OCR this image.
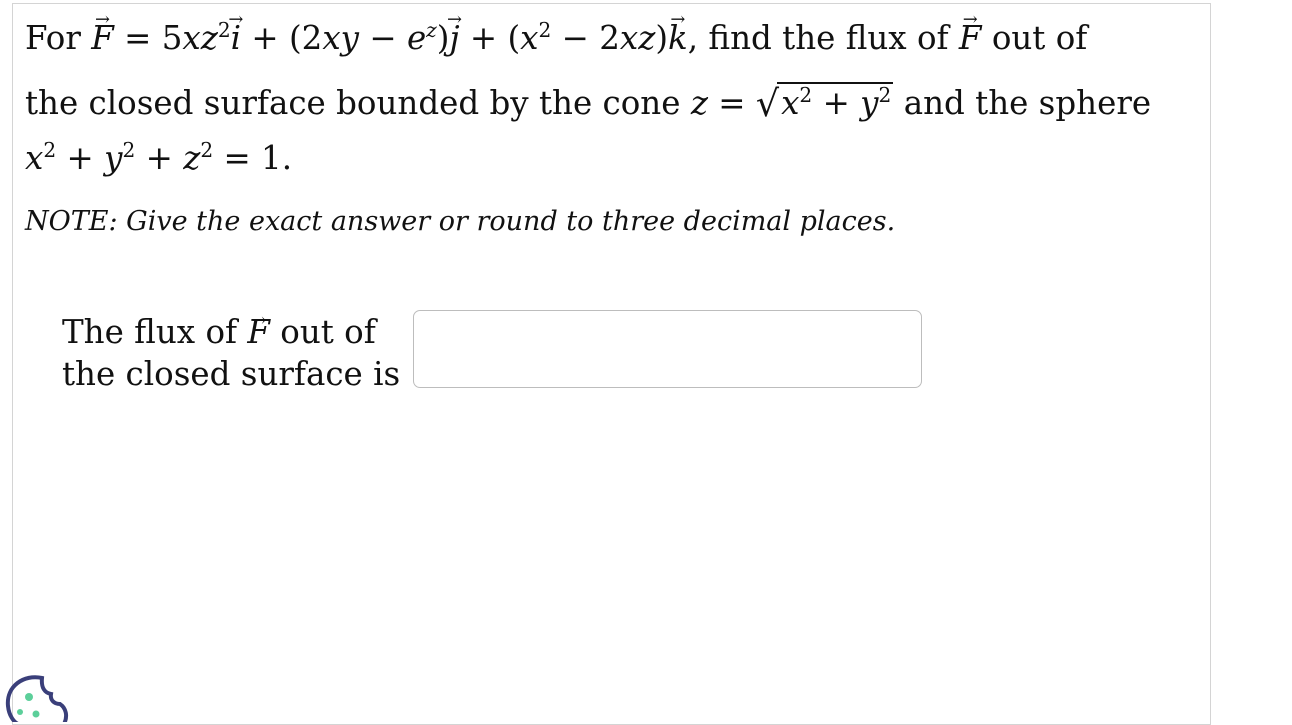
For → $F = 5xz^2\to i + (2xy - e^z)\to j + (x^2 - 2xz)\to k$, find the flux of → F out of
the closed surface bounded by the cone $z = √x^2 + y^2$ and the sphere
$x^2 + y^2 + z^2 = 1$.
NOTE: Give the exact answer or round to three decimal places.
The flux of → F out of
the closed surface is
